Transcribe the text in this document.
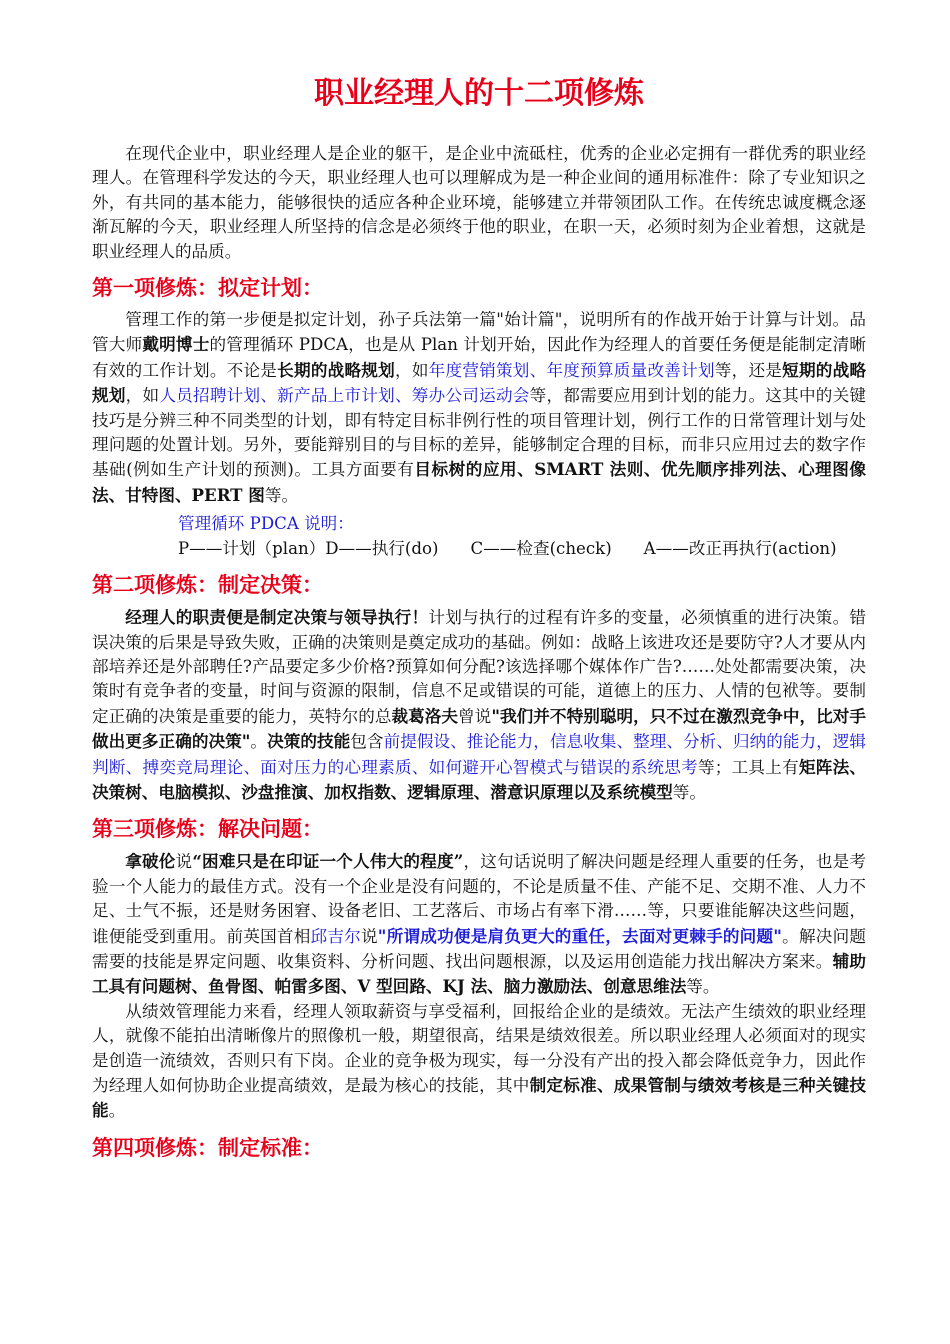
职业经理人的十二项修炼

在现代企业中，职业经理人是企业的躯干，是企业中流砥柱，优秀的企业必定拥有一群优秀的职业经理人。在管理科学发达的今天，职业经理人也可以理解成为是一种企业间的通用标准件：除了专业知识之外，有共同的基本能力，能够很快的适应各种企业环境，能够建立并带领团队工作。在传统忠诚度概念逐渐瓦解的今天，职业经理人所坚持的信念是必须终于他的职业，在职一天，必须时刻为企业着想，这就是职业经理人的品质。

第一项修炼：拟定计划：

管理工作的第一步便是拟定计划，孙子兵法第一篇"始计篇"，说明所有的作战开始于计算与计划。品管大师戴明博士的管理循环 PDCA，也是从 Plan 计划开始，因此作为经理人的首要任务便是能制定清晰有效的工作计划。不论是长期的战略规划，如年度营销策划、年度预算质量改善计划等，还是短期的战略规划，如人员招聘计划、新产品上市计划、筹办公司运动会等，都需要应用到计划的能力。这其中的关键技巧是分辨三种不同类型的计划，即有特定目标非例行性的项目管理计划，例行工作的日常管理计划与处理问题的处置计划。另外，要能辩别目的与目标的差异，能够制定合理的目标，而非只应用过去的数字作基础(例如生产计划的预测)。工具方面要有目标树的应用、SMART 法则、优先顺序排列法、心理图像法、甘特图、PERT 图等。

管理循环 PDCA 说明：

P——计划（plan）D——执行(do) C——检查(check) A——改正再执行(action)

第二项修炼：制定决策：

经理人的职责便是制定决策与领导执行！计划与执行的过程有许多的变量，必须慎重的进行决策。错误决策的后果是导致失败，正确的决策则是奠定成功的基础。例如：战略上该进攻还是要防守?人才要从内部培养还是外部聘任?产品要定多少价格?预算如何分配?该选择哪个媒体作广告?……处处都需要决策，决策时有竞争者的变量，时间与资源的限制，信息不足或错误的可能，道德上的压力、人情的包袱等。要制定正确的决策是重要的能力，英特尔的总裁葛洛夫曾说"我们并不特别聪明，只不过在激烈竞争中，比对手做出更多正确的决策"。决策的技能包含前提假设、推论能力，信息收集、整理、分析、归纳的能力，逻辑判断、搏奕竞局理论、面对压力的心理素质、如何避开心智模式与错误的系统思考等；工具上有矩阵法、决策树、电脑模拟、沙盘推演、加权指数、逻辑原理、潜意识原理以及系统模型等。

第三项修炼：解决问题：

拿破伦说“困难只是在印证一个人伟大的程度”，这句话说明了解决问题是经理人重要的任务，也是考验一个人能力的最佳方式。没有一个企业是没有问题的，不论是质量不佳、产能不足、交期不准、人力不足、士气不振，还是财务困窘、设备老旧、工艺落后、市场占有率下滑……等，只要谁能解决这些问题，谁便能受到重用。前英国首相邱吉尔说"所谓成功便是肩负更大的重任，去面对更棘手的问题"。解决问题需要的技能是界定问题、收集资料、分析问题、找出问题根源，以及运用创造能力找出解决方案来。辅助工具有问题树、鱼骨图、帕雷多图、V 型回路、KJ 法、脑力激励法、创意思维法等。

从绩效管理能力来看，经理人领取薪资与享受福利，回报给企业的是绩效。无法产生绩效的职业经理人，就像不能拍出清晰像片的照像机一般，期望很高，结果是绩效很差。所以职业经理人必须面对的现实是创造一流绩效，否则只有下岗。企业的竞争极为现实，每一分没有产出的投入都会降低竞争力，因此作为经理人如何协助企业提高绩效，是最为核心的技能，其中制定标准、成果管制与绩效考核是三种关键技能。

第四项修炼：制定标准：
